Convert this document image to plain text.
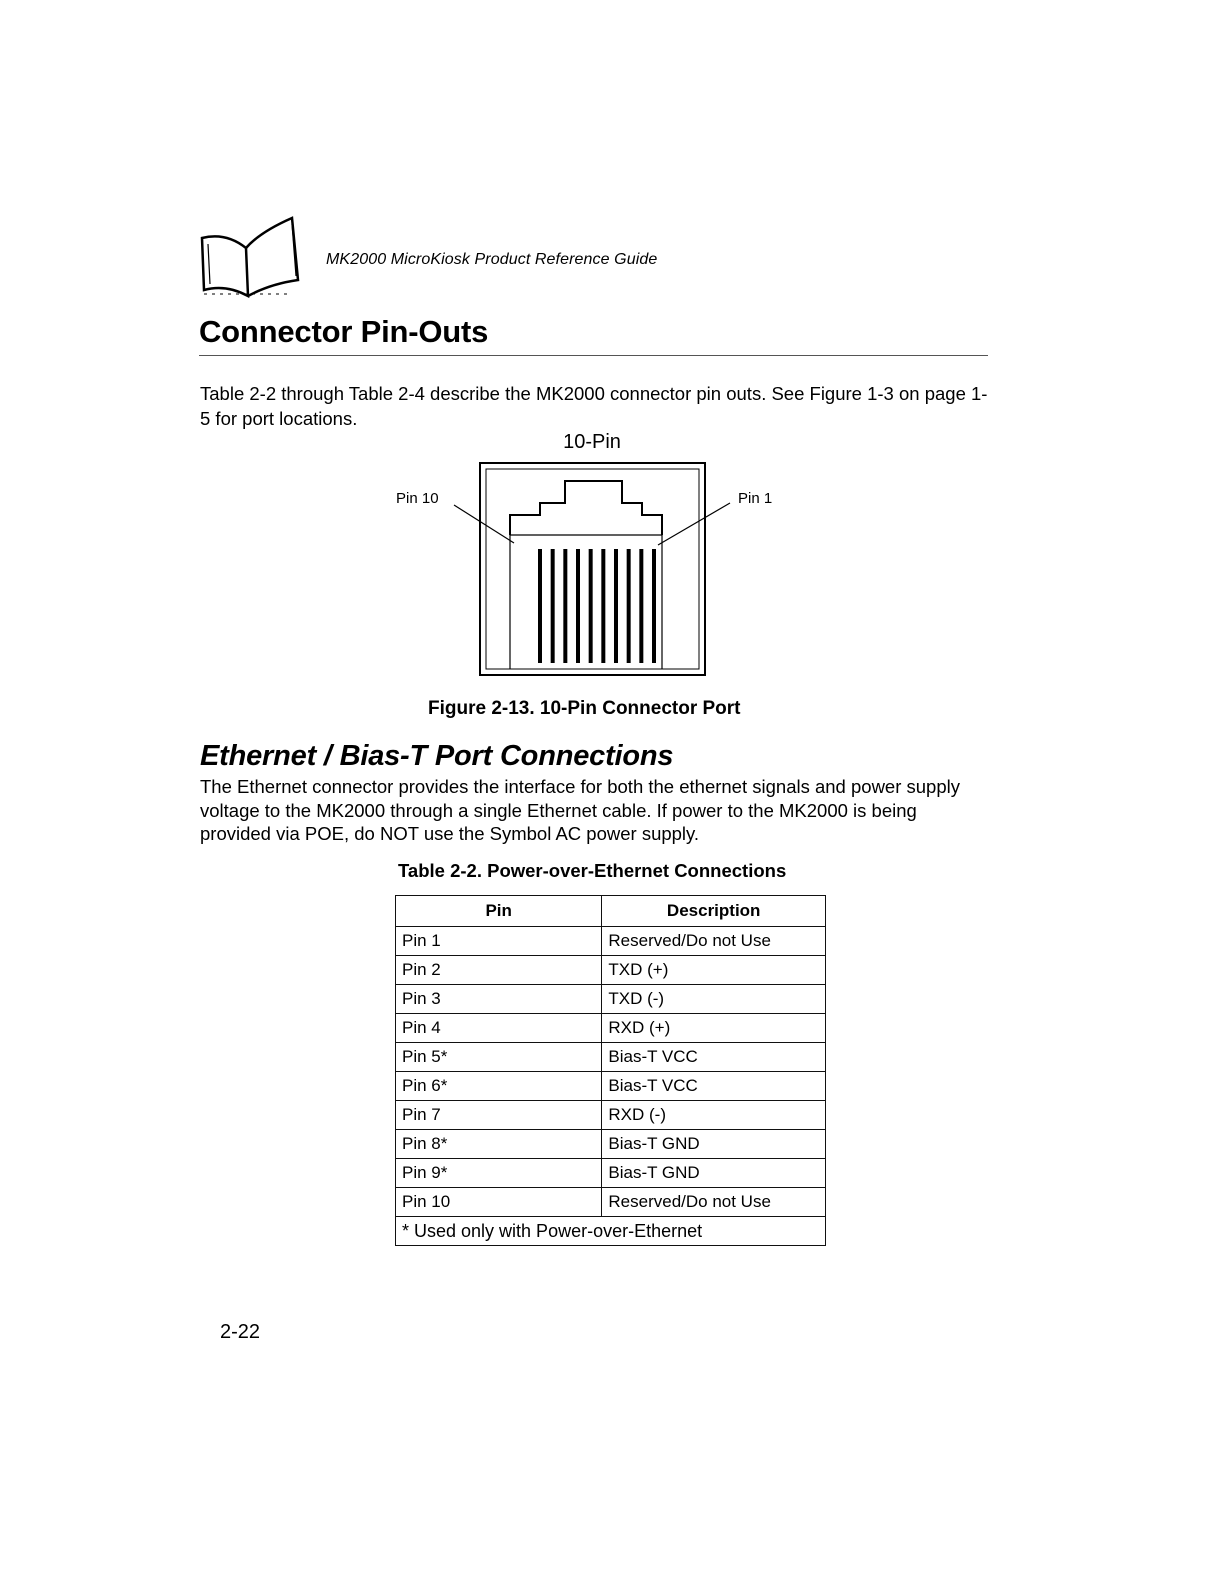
MK2000 MicroKiosk Product Reference Guide
Connector Pin-Outs

Table 2-2 through Table 2-4 describe the MK2000 connector pin outs. See Figure 1-3 on page 1-5 for port locations.

10-Pin
Pin 10	Pin 1
Figure 2-13. 10-Pin Connector Port
Ethernet / Bias-T Port Connections

The Ethernet connector provides the interface for both the ethernet signals and power supply voltage to the MK2000 through a single Ethernet cable. If power to the MK2000 is being provided via POE, do NOT use the Symbol AC power supply.

Table 2-2. Power-over-Ethernet Connections
Pin	Description
Pin 1	Reserved/Do not Use
Pin 2	TXD (+)
Pin 3	TXD (-)
Pin 4	RXD (+)
Pin 5*	Bias-T VCC
Pin 6*	Bias-T VCC
Pin 7	RXD (-)
Pin 8*	Bias-T GND
Pin 9*	Bias-T GND
Pin 10	Reserved/Do not Use
* Used only with Power-over-Ethernet	
2-22
